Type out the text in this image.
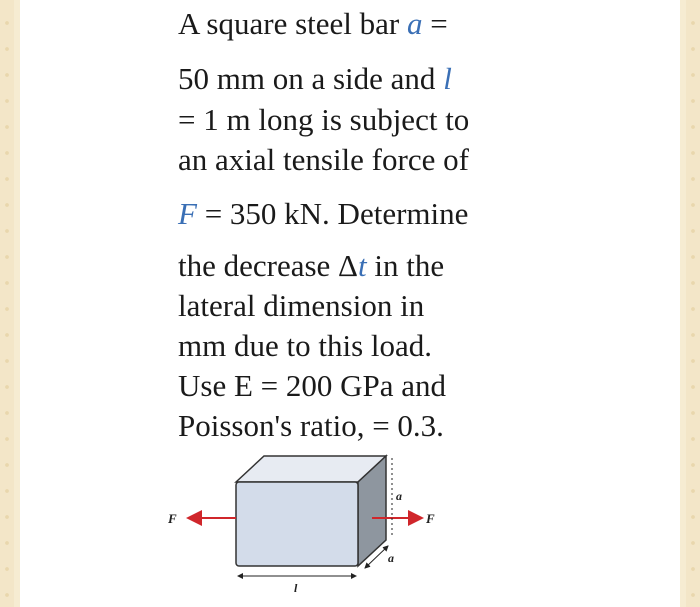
A square steel bar a =
50 mm on a side and l
= 1 m long is subject to
an axial tensile force of
F = 350 kN. Determine
the decrease Δt in the
lateral dimension in
mm due to this load.
Use E = 200 GPa and
Poisson's ratio, = 0.3.
F	F
a
a
l
